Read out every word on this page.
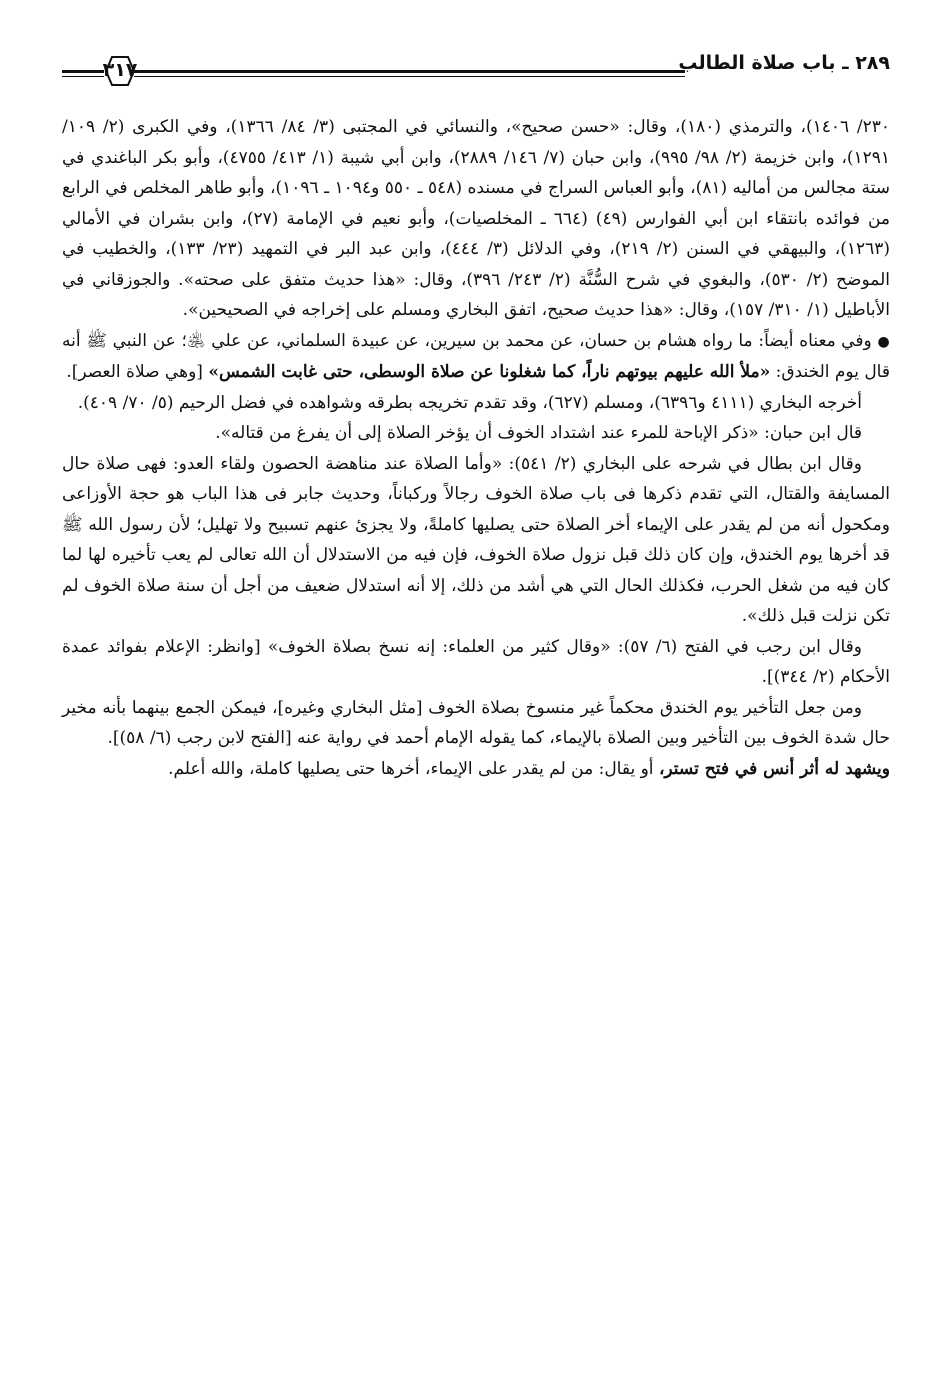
٢٨٩ ـ باب صلاة الطالب
٣١٧

٢٣٠/ ١٤٠٦)، والترمذي (١٨٠)، وقال: «حسن صحيح»، والنسائي في المجتبى (٣/ ٨٤/ ١٣٦٦)، وفي الكبرى (٢/ ١٠٩/ ١٢٩١)، وابن خزيمة (٢/ ٩٨/ ٩٩٥)، وابن حبان (٧/ ١٤٦/ ٢٨٨٩)، وابن أبي شيبة (١/ ٤١٣/ ٤٧٥٥)، وأبو بكر الباغندي في ستة مجالس من أماليه (٨١)، وأبو العباس السراج في مسنده (٥٤٨ ـ ٥٥٠ و١٠٩٤ ـ ١٠٩٦)، وأبو طاهر المخلص في الرابع من فوائده بانتقاء ابن أبي الفوارس (٤٩) (٦٦٤ ـ المخلصيات)، وأبو نعيم في الإمامة (٢٧)، وابن بشران في الأمالي (١٢٦٣)، والبيهقي في السنن (٢/ ٢١٩)، وفي الدلائل (٣/ ٤٤٤)، وابن عبد البر في التمهيد (٢٣/ ١٣٣)، والخطيب في الموضح (٢/ ٥٣٠)، والبغوي في شرح السُّنَّة (٢/ ٢٤٣/ ٣٩٦)، وقال: «هذا حديث متفق على صحته». والجوزقاني في الأباطيل (١/ ٣١٠/ ١٥٧)، وقال: «هذا حديث صحيح، اتفق البخاري ومسلم على إخراجه في الصحيحين».

● وفي معناه أيضاً: ما رواه هشام بن حسان، عن محمد بن سيرين، عن عبيدة السلماني، عن علي ﵁؛ عن النبي ﷺ أنه قال يوم الخندق: «ملأ الله عليهم بيوتهم ناراً، كما شغلونا عن صلاة الوسطى، حتى غابت الشمس» [وهي صلاة العصر].

أخرجه البخاري (٤١١١ و٦٣٩٦)، ومسلم (٦٢٧)، وقد تقدم تخريجه بطرقه وشواهده في فضل الرحيم (٥/ ٧٠/ ٤٠٩).

قال ابن حبان: «ذكر الإباحة للمرء عند اشتداد الخوف أن يؤخر الصلاة إلى أن يفرغ من قتاله».

وقال ابن بطال في شرحه على البخاري (٢/ ٥٤١): «وأما الصلاة عند مناهضة الحصون ولقاء العدو: فهى صلاة حال المسايفة والقتال، التي تقدم ذكرها فى باب صلاة الخوف رجالاً وركباناً، وحديث جابر فى هذا الباب هو حجة الأوزاعى ومكحول أنه من لم يقدر على الإيماء أخر الصلاة حتى يصليها كاملةً، ولا يجزئ عنهم تسبيح ولا تهليل؛ لأن رسول الله ﷺ قد أخرها يوم الخندق، وإن كان ذلك قبل نزول صلاة الخوف، فإن فيه من الاستدلال أن الله تعالى لم يعب تأخيره لها لما كان فيه من شغل الحرب، فكذلك الحال التي هي أشد من ذلك، إلا أنه استدلال ضعيف من أجل أن سنة صلاة الخوف لم تكن نزلت قبل ذلك».

وقال ابن رجب في الفتح (٦/ ٥٧): «وقال كثير من العلماء: إنه نسخ بصلاة الخوف» [وانظر: الإعلام بفوائد عمدة الأحكام (٢/ ٣٤٤)].

ومن جعل التأخير يوم الخندق محكماً غير منسوخ بصلاة الخوف [مثل البخاري وغيره]، فيمكن الجمع بينهما بأنه مخير حال شدة الخوف بين التأخير وبين الصلاة بالإيماء، كما يقوله الإمام أحمد في رواية عنه [الفتح لابن رجب (٦/ ٥٨)].

ويشهد له أثر أنس في فتح تستر، أو يقال: من لم يقدر على الإيماء، أخرها حتى يصليها كاملة، والله أعلم.
